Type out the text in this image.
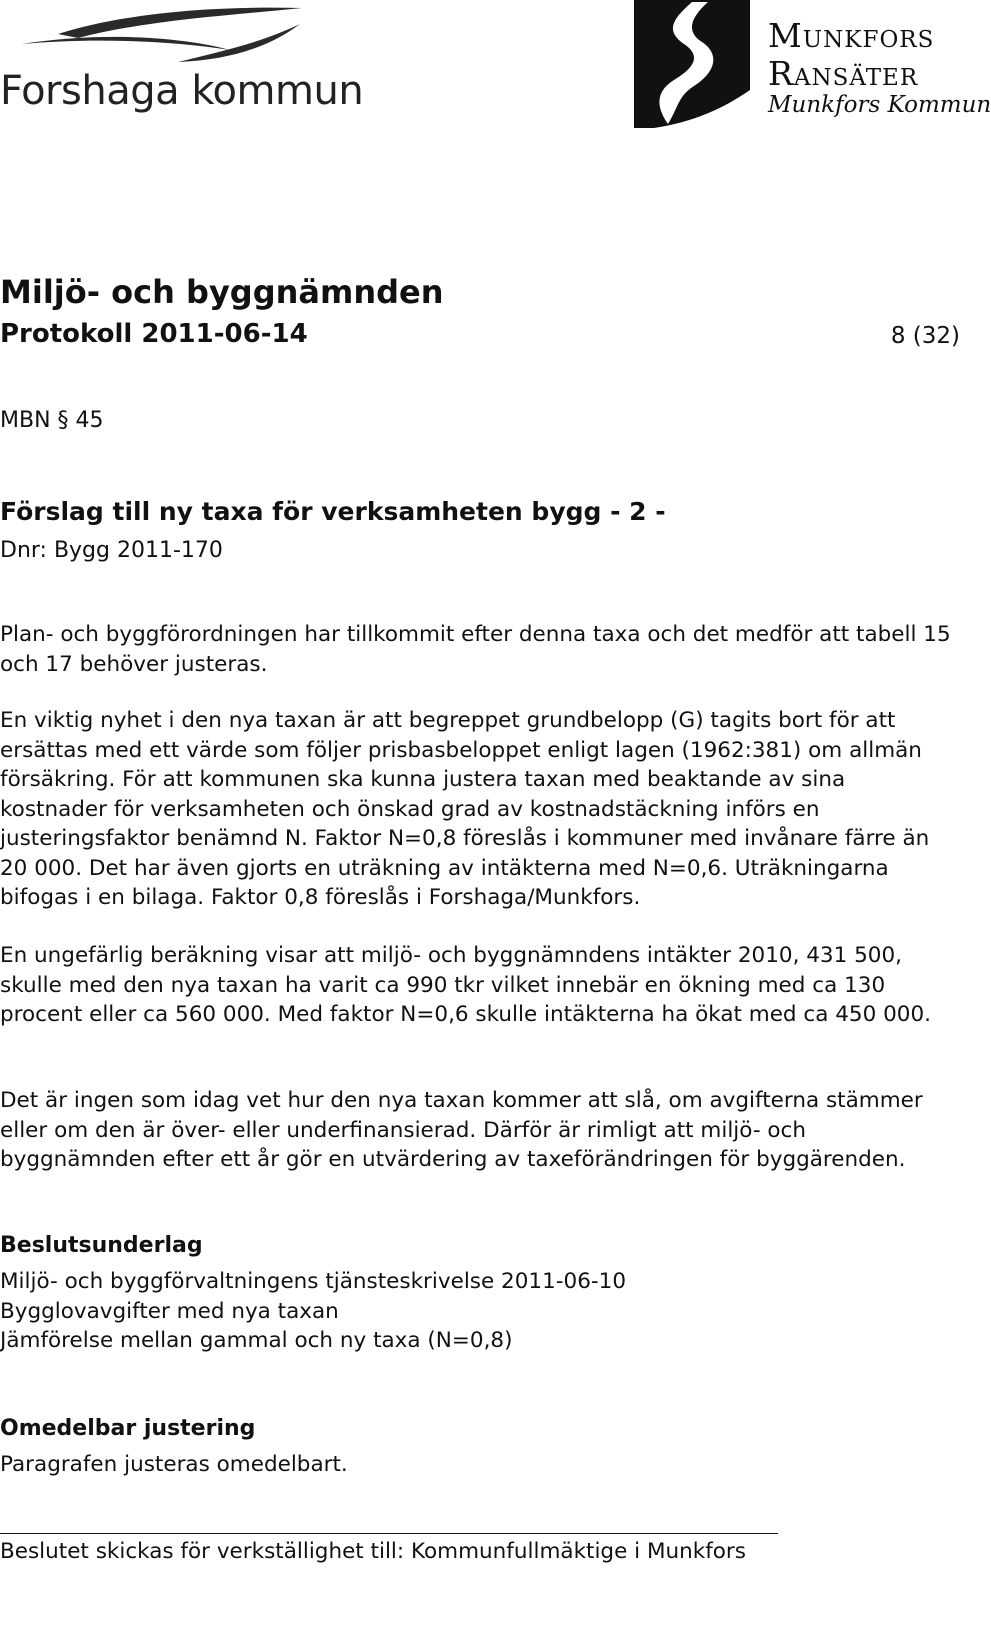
Forshaga kommun
Munkfors
Ransäter
Munkfors Kommun
Miljö- och byggnämnden
Protokoll 2011-06-14	8 (32)
MBN § 45
Förslag till ny taxa för verksamheten bygg - 2 -
Dnr: Bygg 2011-170

Plan- och byggförordningen har tillkommit efter denna taxa och det medför att tabell 15 och 17 behöver justeras.

En viktig nyhet i den nya taxan är att begreppet grundbelopp (G) tagits bort för att ersättas med ett värde som följer prisbasbeloppet enligt lagen (1962:381) om allmän försäkring. För att kommunen ska kunna justera taxan med beaktande av sina kostnader för verksamheten och önskad grad av kostnadstäckning införs en justeringsfaktor benämnd N. Faktor N=0,8 föreslås i kommuner med invånare färre än 20 000. Det har även gjorts en uträkning av intäkterna med N=0,6. Uträkningarna bifogas i en bilaga. Faktor 0,8 föreslås i Forshaga/Munkfors.

En ungefärlig beräkning visar att miljö- och byggnämndens intäkter 2010, 431 500, skulle med den nya taxan ha varit ca 990 tkr vilket innebär en ökning med ca 130 procent eller ca 560 000. Med faktor N=0,6 skulle intäkterna ha ökat med ca 450 000.

Det är ingen som idag vet hur den nya taxan kommer att slå, om avgifterna stämmer eller om den är över- eller underfinansierad. Därför är rimligt att miljö- och byggnämnden efter ett år gör en utvärdering av taxeförändringen för byggärenden.

Beslutsunderlag
Miljö- och byggförvaltningens tjänsteskrivelse 2011-06-10
Bygglovavgifter med nya taxan
Jämförelse mellan gammal och ny taxa (N=0,8)
Omedelbar justering
Paragrafen justeras omedelbart.
Beslutet skickas för verkställighet till: Kommunfullmäktige i Munkfors
